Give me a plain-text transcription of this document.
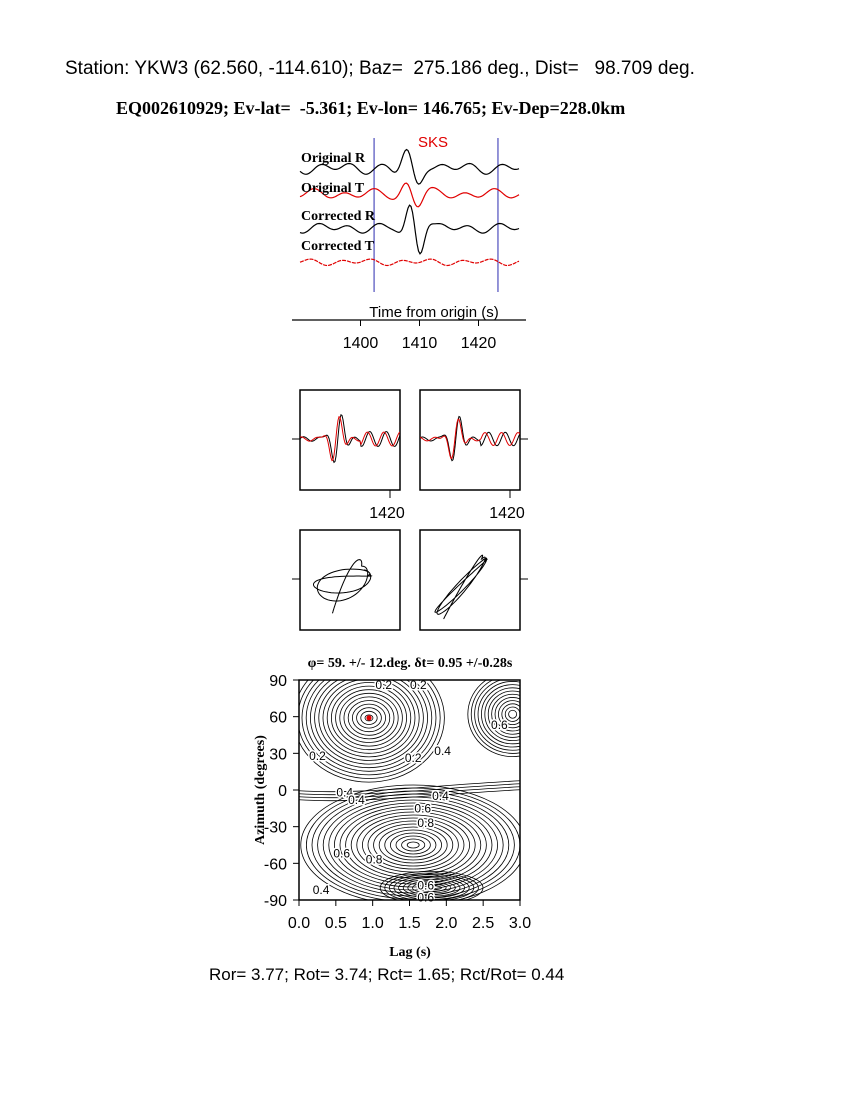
Station: YKW3 (62.560, -114.610); Baz=  275.186 deg., Dist=   98.709 deg.
EQ002610929; Ev-lat=  -5.361; Ev-lon= 146.765; Ev-Dep=228.0km
SKS
Original R
Original T
Corrected R
Corrected T
Time from origin (s)
1400 1410 1420
1420	1420
φ= 59. +/- 12.deg. δt= 0.95 +/-0.28s
0.2 0.2
0.6
0.4
0.2	0.2
0.4	0.4
0.6
0.8
0.6 0.8
0.6
0.4
0.6
0.4
0.0 0.5 1.0 1.5 2.0 2.5 3.0
90
60
30
0
-30
-60
-90
Lag (s)
Azimuth (degrees)
Ror= 3.77; Rot= 3.74; Rct= 1.65; Rct/Rot= 0.44
